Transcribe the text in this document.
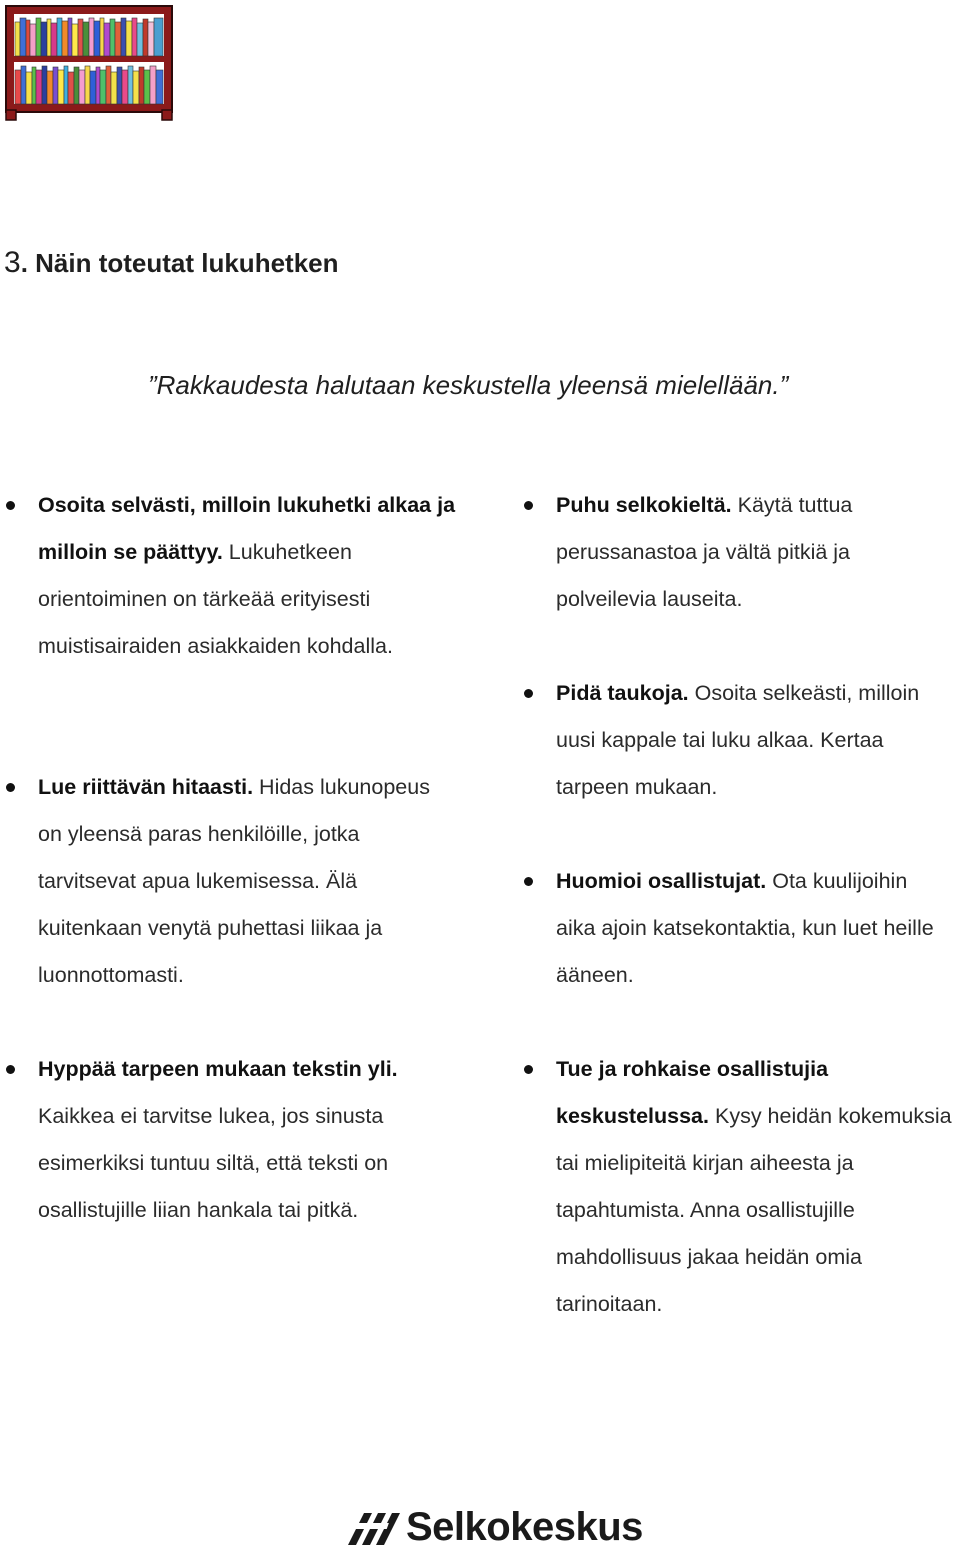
3. Näin toteutat lukuhetken
”Rakkaudesta halutaan keskustella yleensä mielellään.”
Osoita selvästi, milloin lukuhetki alkaa ja milloin se päättyy. Lukuhetkeen orientoiminen on tärkeää erityisesti muistisairaiden asiakkaiden kohdalla.
Lue riittävän hitaasti. Hidas lukunopeus on yleensä paras henkilöille, jotka tarvitsevat apua lukemisessa. Älä kuitenkaan venytä puhettasi liikaa ja luonnottomasti.
Hyppää tarpeen mukaan tekstin yli. Kaikkea ei tarvitse lukea, jos sinusta esimerkiksi tuntuu siltä, että teksti on osallistujille liian hankala tai pitkä.
Puhu selkokieltä. Käytä tuttua perussanastoa ja vältä pitkiä ja polveilevia lauseita.
Pidä taukoja. Osoita selkeästi, milloin uusi kappale tai luku alkaa. Kertaa tarpeen mukaan.
Huomioi osallistujat. Ota kuulijoihin aika ajoin katsekontaktia, kun luet heille ääneen.
Tue ja rohkaise osallistujia keskustelussa. Kysy heidän kokemuksia tai mielipiteitä kirjan aiheesta ja tapahtumista. Anna osallistujille mahdollisuus jakaa heidän omia tarinoitaan.
Selkokeskus
